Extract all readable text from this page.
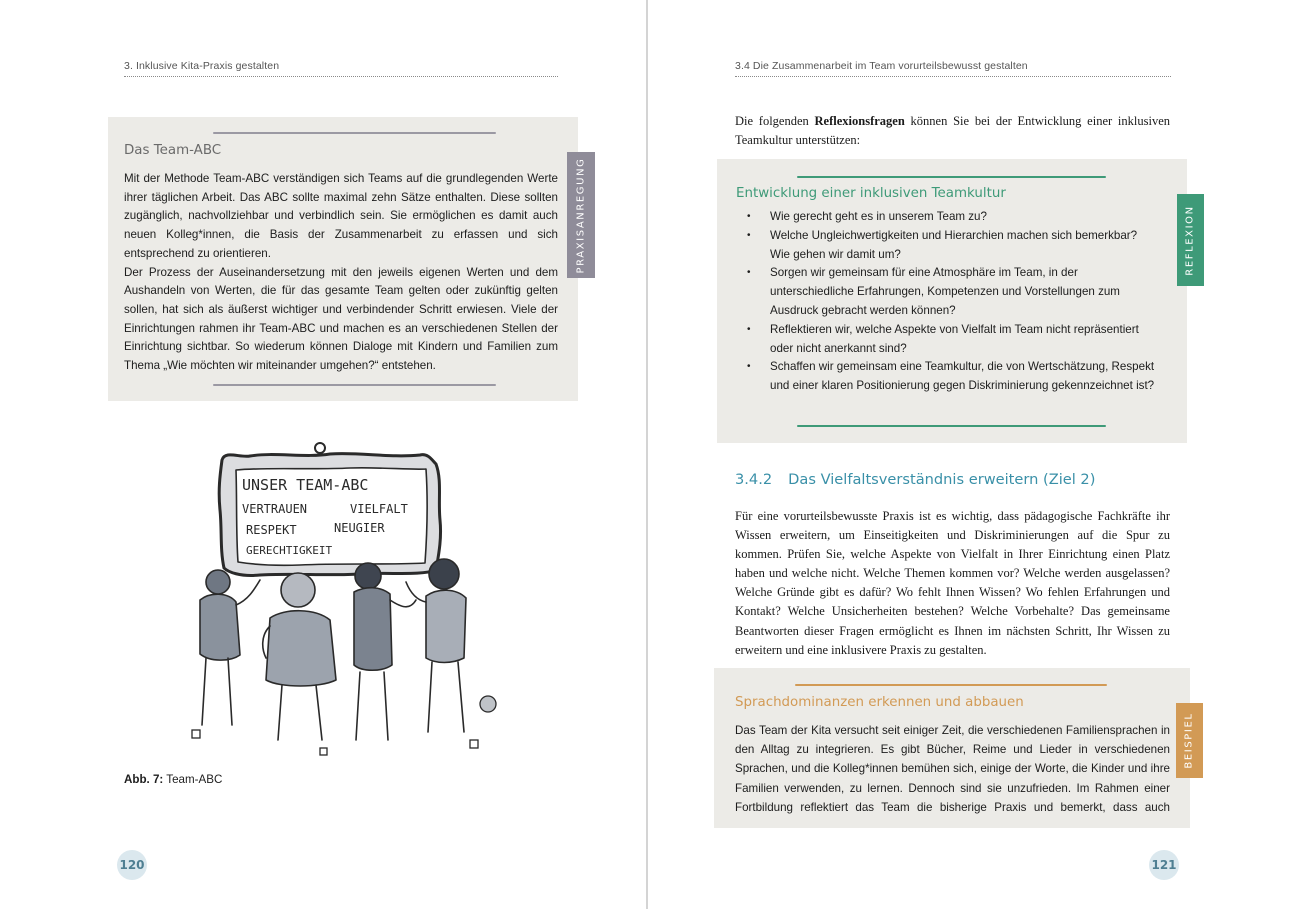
3. Inklusive Kita-Praxis gestalten
Das Team-ABC

Mit der Methode Team-ABC verständigen sich Teams auf die grundlegenden Werte ihrer täglichen Arbeit. Das ABC sollte maximal zehn Sätze enthalten. Diese sollten zugänglich, nachvollziehbar und verbindlich sein. Sie ermöglichen es damit auch neuen Kolleg*innen, die Basis der Zusammenarbeit zu erfassen und sich entsprechend zu orientieren.

Der Prozess der Auseinandersetzung mit den jeweils eigenen Werten und dem Aushandeln von Werten, die für das gesamte Team gelten oder zukünftig gelten sollen, hat sich als äußerst wichtiger und verbindender Schritt erwiesen. Viele der Einrichtungen rahmen ihr Team-ABC und machen es an verschiedenen Stellen der Einrichtung sichtbar. So wiederum können Dialoge mit Kindern und Familien zum Thema „Wie möchten wir miteinander umgehen?“ entstehen.

PRAXISANREGUNG
UNSER TEAM-ABC
VERTRAUEN	VIELFALT
RESPEKT	NEUGIER
GERECHTIGKEIT
Abb. 7: Team-ABC
120
3.4 Die Zusammenarbeit im Team vorurteilsbewusst gestalten

Die folgenden Reflexionsfragen können Sie bei der Entwicklung einer inklusiven Teamkultur unterstützen:

Entwicklung einer inklusiven Teamkultur
• Wie gerecht geht es in unserem Team zu?
• Welche Ungleichwertigkeiten und Hierarchien machen sich bemerkbar? Wie gehen wir damit um?
• Sorgen wir gemeinsam für eine Atmosphäre im Team, in der unterschiedliche Erfahrungen, Kompetenzen und Vorstellungen zum Ausdruck gebracht werden können?
• Reflektieren wir, welche Aspekte von Vielfalt im Team nicht repräsentiert oder nicht anerkannt sind?
• Schaffen wir gemeinsam eine Teamkultur, die von Wertschätzung, Respekt und einer klaren Positionierung gegen Diskriminierung gekennzeichnet ist?
REFLEXION
3.4.2 Das Vielfaltsverständnis erweitern (Ziel 2)

Für eine vorurteilsbewusste Praxis ist es wichtig, dass pädagogische Fachkräfte ihr Wissen erweitern, um Einseitigkeiten und Diskriminierungen auf die Spur zu kommen. Prüfen Sie, welche Aspekte von Vielfalt in Ihrer Einrichtung einen Platz haben und welche nicht. Welche Themen kommen vor? Welche werden ausgelassen? Welche Gründe gibt es dafür? Wo fehlt Ihnen Wissen? Wo fehlen Erfahrungen und Kontakt? Welche Unsicherheiten bestehen? Welche Vorbehalte? Das gemeinsame Beantworten dieser Fragen ermöglicht es Ihnen im nächsten Schritt, Ihr Wissen zu erweitern und eine inklusivere Praxis zu gestalten.

Sprachdominanzen erkennen und abbauen

Das Team der Kita versucht seit einiger Zeit, die verschiedenen Familiensprachen in den Alltag zu integrieren. Es gibt Bücher, Reime und Lieder in verschiedenen Sprachen, und die Kolleg*innen bemühen sich, einige der Worte, die Kinder und ihre Familien verwenden, zu lernen. Dennoch sind sie unzufrieden. Im Rahmen einer Fortbildung reflektiert das Team die bisherige Praxis und bemerkt, dass auch

BEISPIEL
121
